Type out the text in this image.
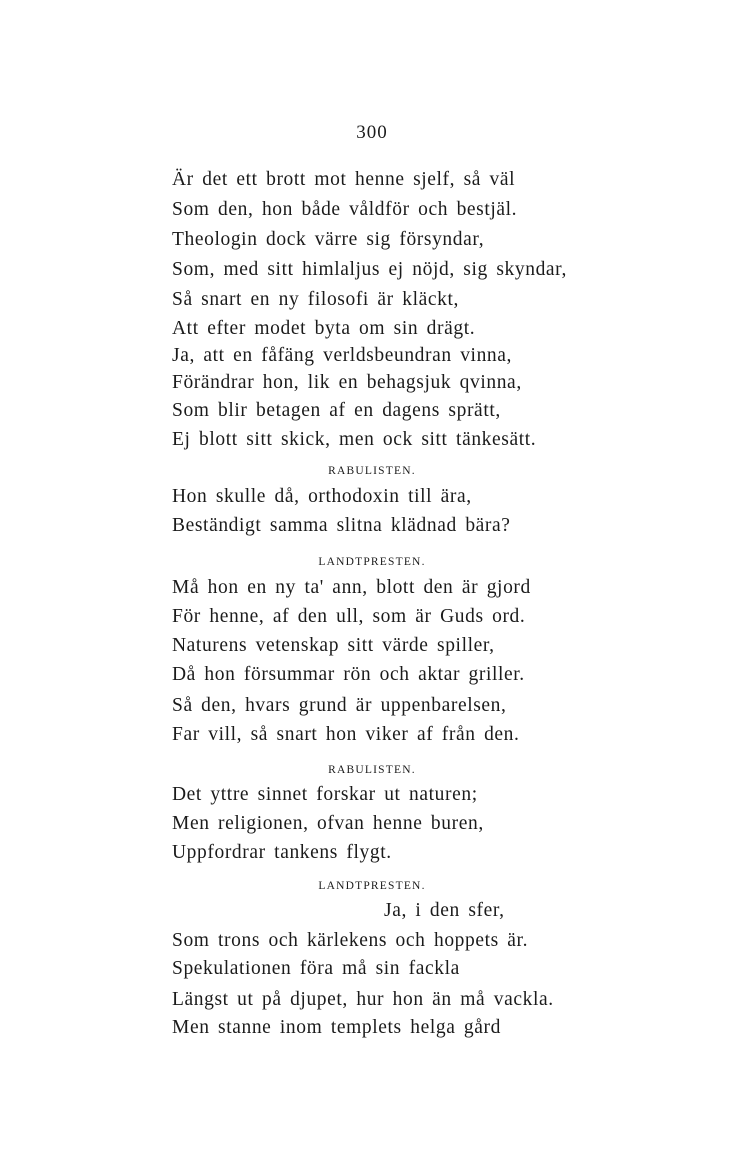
300
Är det ett brott mot henne sjelf, så väl
Som den, hon både våldför och bestjäl.
Theologin dock värre sig försyndar,
Som, med sitt himlaljus ej nöjd, sig skyndar,
Så snart en ny filosofi är kläckt,
Att efter modet byta om sin drägt.
Ja, att en fåfäng verldsbeundran vinna,
Förändrar hon, lik en behagsjuk qvinna,
Som blir betagen af en dagens sprätt,
Ej blott sitt skick, men ock sitt tänkesätt.
RABULISTEN.
Hon skulle då, orthodoxin till ära,
Beständigt samma slitna klädnad bära?
LANDTPRESTEN.
Må hon en ny ta' ann, blott den är gjord
För henne, af den ull, som är Guds ord.
Naturens vetenskap sitt värde spiller,
Då hon försummar rön och aktar griller.
Så den, hvars grund är uppenbarelsen,
Far vill, så snart hon viker af från den.
RABULISTEN.
Det yttre sinnet forskar ut naturen;
Men religionen, ofvan henne buren,
Uppfordrar tankens flygt.
LANDTPRESTEN.
Ja, i den sfer,
Som trons och kärlekens och hoppets är.
Spekulationen föra må sin fackla
Längst ut på djupet, hur hon än må vackla.
Men stanne inom templets helga gård
